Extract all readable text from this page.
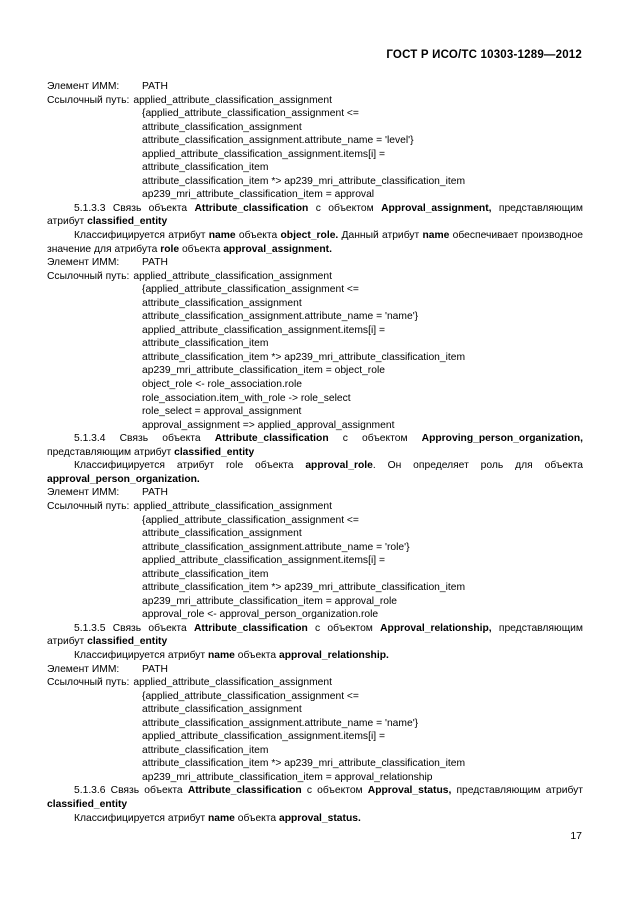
ГОСТ Р ИСО/ТС 10303-1289—2012
Элемент ИММ: PATH
Ссылочный путь: applied_attribute_classification_assignment
{applied_attribute_classification_assignment <=
attribute_classification_assignment
attribute_classification_assignment.attribute_name = 'level'}
applied_attribute_classification_assignment.items[i] =
attribute_classification_item
attribute_classification_item *> ap239_mri_attribute_classification_item
ap239_mri_attribute_classification_item = approval
5.1.3.3 Связь объекта Attribute_classification с объектом Approval_assignment, представляющим атрибут classified_entity
Классифицируется атрибут name объекта object_role. Данный атрибут name обеспечивает производное значение для атрибута role объекта approval_assignment.
Элемент ИММ: PATH
Ссылочный путь: applied_attribute_classification_assignment
{applied_attribute_classification_assignment <=
attribute_classification_assignment
attribute_classification_assignment.attribute_name = 'name'}
applied_attribute_classification_assignment.items[i] =
attribute_classification_item
attribute_classification_item *> ap239_mri_attribute_classification_item
ap239_mri_attribute_classification_item = object_role
object_role <- role_association.role
role_association.item_with_role -> role_select
role_select = approval_assignment
approval_assignment => applied_approval_assignment
5.1.3.4 Связь объекта Attribute_classification с объектом Approving_person_organization, представляющим атрибут classified_entity
Классифицируется атрибут role объекта approval_role. Он определяет роль для объекта approval_person_organization.
Элемент ИММ: PATH
Ссылочный путь: applied_attribute_classification_assignment
{applied_attribute_classification_assignment <=
attribute_classification_assignment
attribute_classification_assignment.attribute_name = 'role'}
applied_attribute_classification_assignment.items[i] =
attribute_classification_item
attribute_classification_item *> ap239_mri_attribute_classification_item
ap239_mri_attribute_classification_item = approval_role
approval_role <- approval_person_organization.role
5.1.3.5 Связь объекта Attribute_classification с объектом Approval_relationship, представляющим атрибут classified_entity
Классифицируется атрибут name объекта approval_relationship.
Элемент ИММ: PATH
Ссылочный путь: applied_attribute_classification_assignment
{applied_attribute_classification_assignment <=
attribute_classification_assignment
attribute_classification_assignment.attribute_name = 'name'}
applied_attribute_classification_assignment.items[i] =
attribute_classification_item
attribute_classification_item *> ap239_mri_attribute_classification_item
ap239_mri_attribute_classification_item = approval_relationship
5.1.3.6 Связь объекта Attribute_classification с объектом Approval_status, представляющим атрибут classified_entity
Классифицируется атрибут name объекта approval_status.
17
